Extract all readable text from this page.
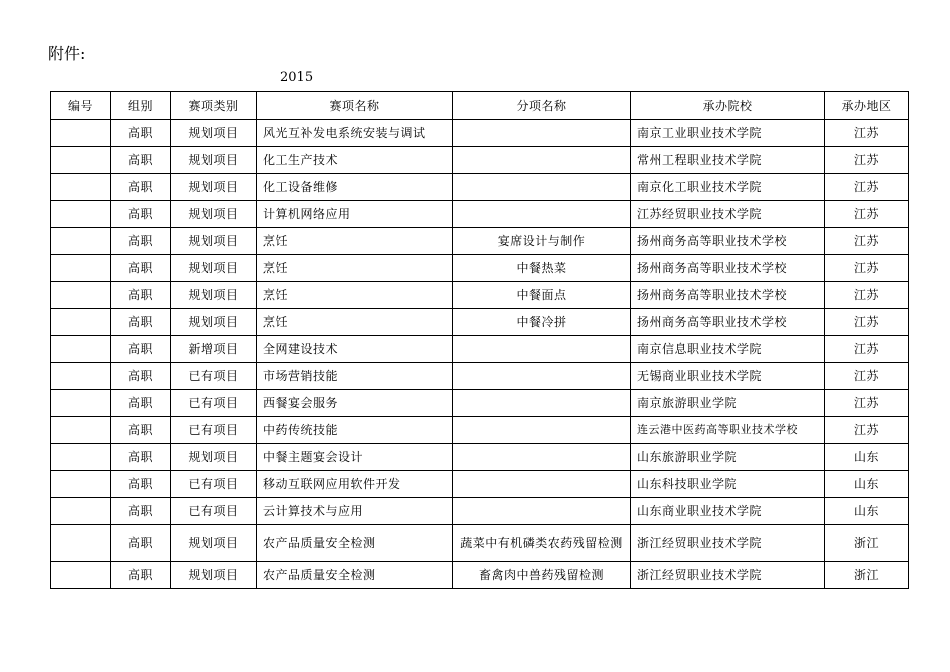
附件:
2015
编号	组别	赛项类别	赛项名称	分项名称	承办院校	承办地区
	高职	规划项目	风光互补发电系统安装与调试		南京工业职业技术学院	江苏
	高职	规划项目	化工生产技术		常州工程职业技术学院	江苏
	高职	规划项目	化工设备维修		南京化工职业技术学院	江苏
	高职	规划项目	计算机网络应用		江苏经贸职业技术学院	江苏
	高职	规划项目	烹饪	宴席设计与制作	扬州商务高等职业技术学校	江苏
	高职	规划项目	烹饪	中餐热菜	扬州商务高等职业技术学校	江苏
	高职	规划项目	烹饪	中餐面点	扬州商务高等职业技术学校	江苏
	高职	规划项目	烹饪	中餐冷拼	扬州商务高等职业技术学校	江苏
	高职	新增项目	全网建设技术		南京信息职业技术学院	江苏
	高职	已有项目	市场营销技能		无锡商业职业技术学院	江苏
	高职	已有项目	西餐宴会服务		南京旅游职业学院	江苏
	高职	已有项目	中药传统技能		连云港中医药高等职业技术学校	江苏
	高职	规划项目	中餐主题宴会设计		山东旅游职业学院	山东
	高职	已有项目	移动互联网应用软件开发		山东科技职业学院	山东
	高职	已有项目	云计算技术与应用		山东商业职业技术学院	山东
	高职	规划项目	农产品质量安全检测	蔬菜中有机磷类农药残留检测	浙江经贸职业技术学院	浙江
	高职	规划项目	农产品质量安全检测	畜禽肉中兽药残留检测	浙江经贸职业技术学院	浙江
